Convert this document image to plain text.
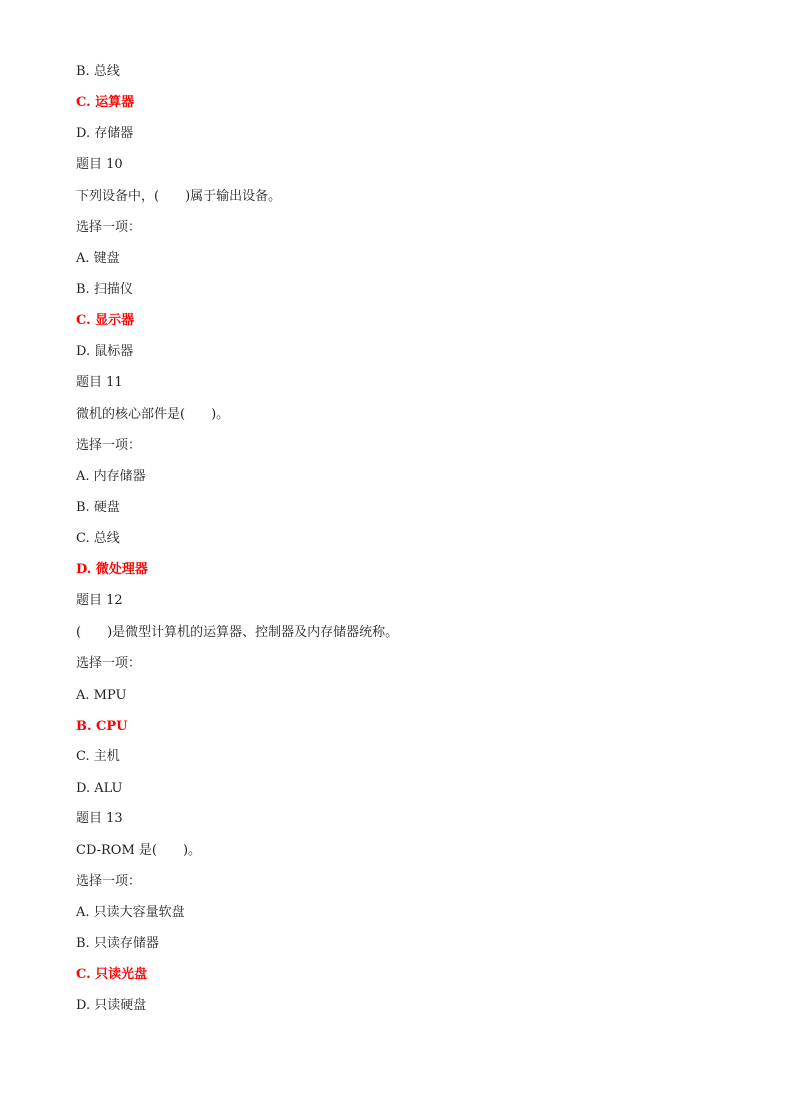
B. 总线
C. 运算器
D. 存储器
题目 10
下列设备中，(　　)属于输出设备。
选择一项：
A. 键盘
B. 扫描仪
C. 显示器
D. 鼠标器
题目 11
微机的核心部件是(　　)。
选择一项：
A. 内存储器
B. 硬盘
C. 总线
D. 微处理器
题目 12
(　　)是微型计算机的运算器、控制器及内存储器统称。
选择一项：
A. MPU
B. CPU
C. 主机
D. ALU
题目 13
CD-ROM 是(　　)。
选择一项：
A. 只读大容量软盘
B. 只读存储器
C. 只读光盘
D. 只读硬盘
